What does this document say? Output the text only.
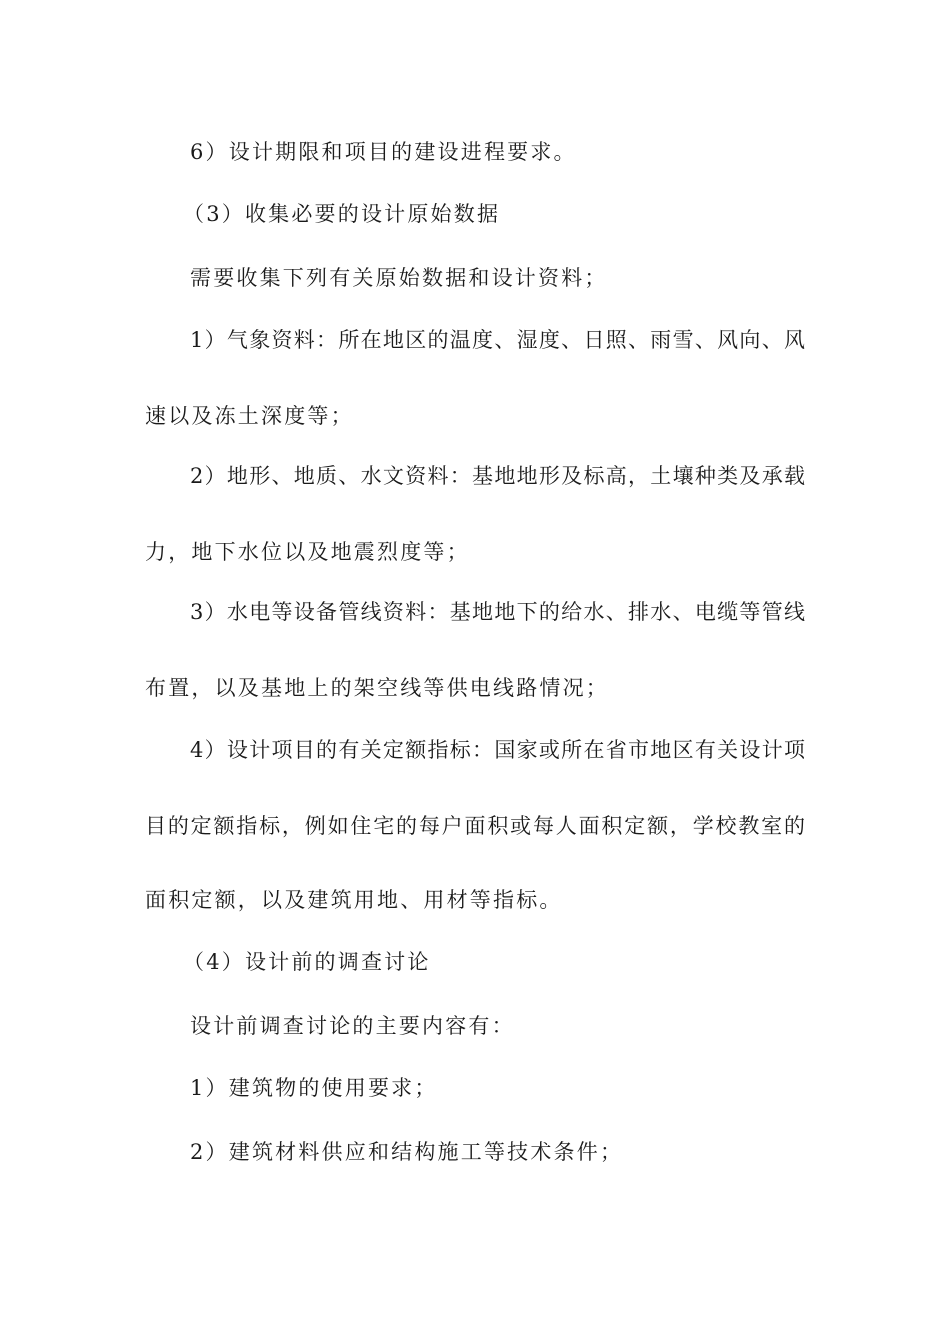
6）设计期限和项目的建设进程要求。
（3）收集必要的设计原始数据
需要收集下列有关原始数据和设计资料；
1）气象资料：所在地区的温度、湿度、日照、雨雪、风向、风
速以及冻土深度等；
2）地形、地质、水文资料：基地地形及标高，土壤种类及承载
力，地下水位以及地震烈度等；
3）水电等设备管线资料：基地地下的给水、排水、电缆等管线
布置，以及基地上的架空线等供电线路情况；
4）设计项目的有关定额指标：国家或所在省市地区有关设计项
目的定额指标，例如住宅的每户面积或每人面积定额，学校教室的
面积定额，以及建筑用地、用材等指标。
（4）设计前的调查讨论
设计前调查讨论的主要内容有：
1）建筑物的使用要求；
2）建筑材料供应和结构施工等技术条件；
